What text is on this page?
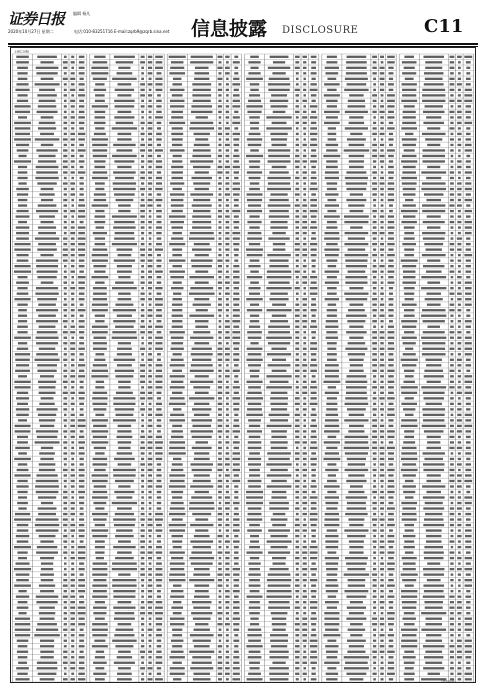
证券日报 编辑 杨凡
2020年10月27日 星期二	电话:010-83251716 E-mail:zqrb9@zqrb.sina.net 信息披露 DISCLOSURE	C11
上接C10版
下转C12版
